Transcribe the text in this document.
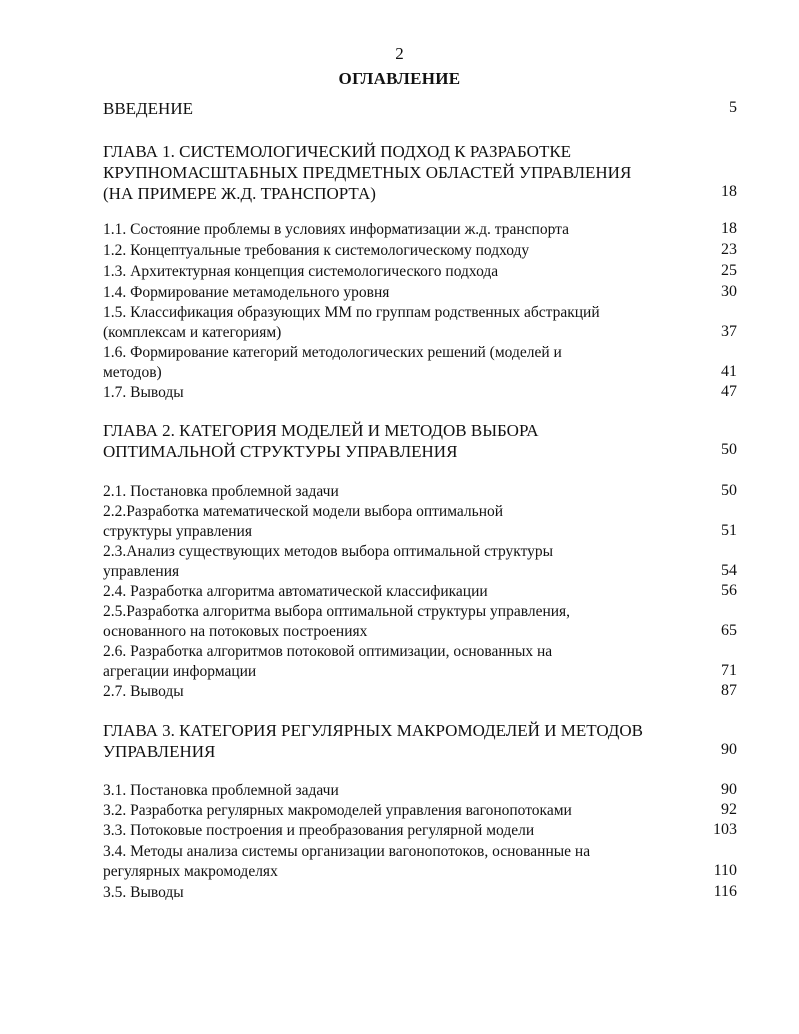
2
ОГЛАВЛЕНИЕ
ВВЕДЕНИЕ	5
ГЛАВА 1. СИСТЕМОЛОГИЧЕСКИЙ ПОДХОД К РАЗРАБОТКЕ
КРУПНОМАСШТАБНЫХ ПРЕДМЕТНЫХ ОБЛАСТЕЙ УПРАВЛЕНИЯ
(НА ПРИМЕРЕ Ж.Д. ТРАНСПОРТА)	18
1.1. Состояние проблемы в условиях информатизации ж.д. транспорта	18
1.2. Концептуальные требования к системологическому подходу	23
1.3. Архитектурная концепция системологического подхода	25
1.4. Формирование метамодельного уровня	30
1.5. Классификация образующих ММ по группам родственных абстракций
(комплексам и категориям)	37
1.6. Формирование категорий методологических решений (моделей и
методов)	41
1.7. Выводы	47
ГЛАВА 2. КАТЕГОРИЯ МОДЕЛЕЙ И МЕТОДОВ ВЫБОРА
ОПТИМАЛЬНОЙ СТРУКТУРЫ УПРАВЛЕНИЯ	50
2.1. Постановка проблемной задачи	50
2.2.Разработка математической модели выбора оптимальной
структуры управления	51
2.3.Анализ существующих методов выбора оптимальной структуры
управления	54
2.4. Разработка алгоритма автоматической классификации	56
2.5.Разработка алгоритма выбора оптимальной структуры управления,
основанного на потоковых построениях	65
2.6. Разработка алгоритмов потоковой оптимизации, основанных на
агрегации информации	71
2.7. Выводы	87
ГЛАВА 3. КАТЕГОРИЯ РЕГУЛЯРНЫХ МАКРОМОДЕЛЕЙ И МЕТОДОВ
УПРАВЛЕНИЯ	90
3.1. Постановка проблемной задачи	90
3.2. Разработка регулярных макромоделей управления вагонопотоками	92
3.3. Потоковые построения и преобразования регулярной модели	103
3.4. Методы анализа системы организации вагонопотоков, основанные на
регулярных макромоделях	110
3.5. Выводы	116
